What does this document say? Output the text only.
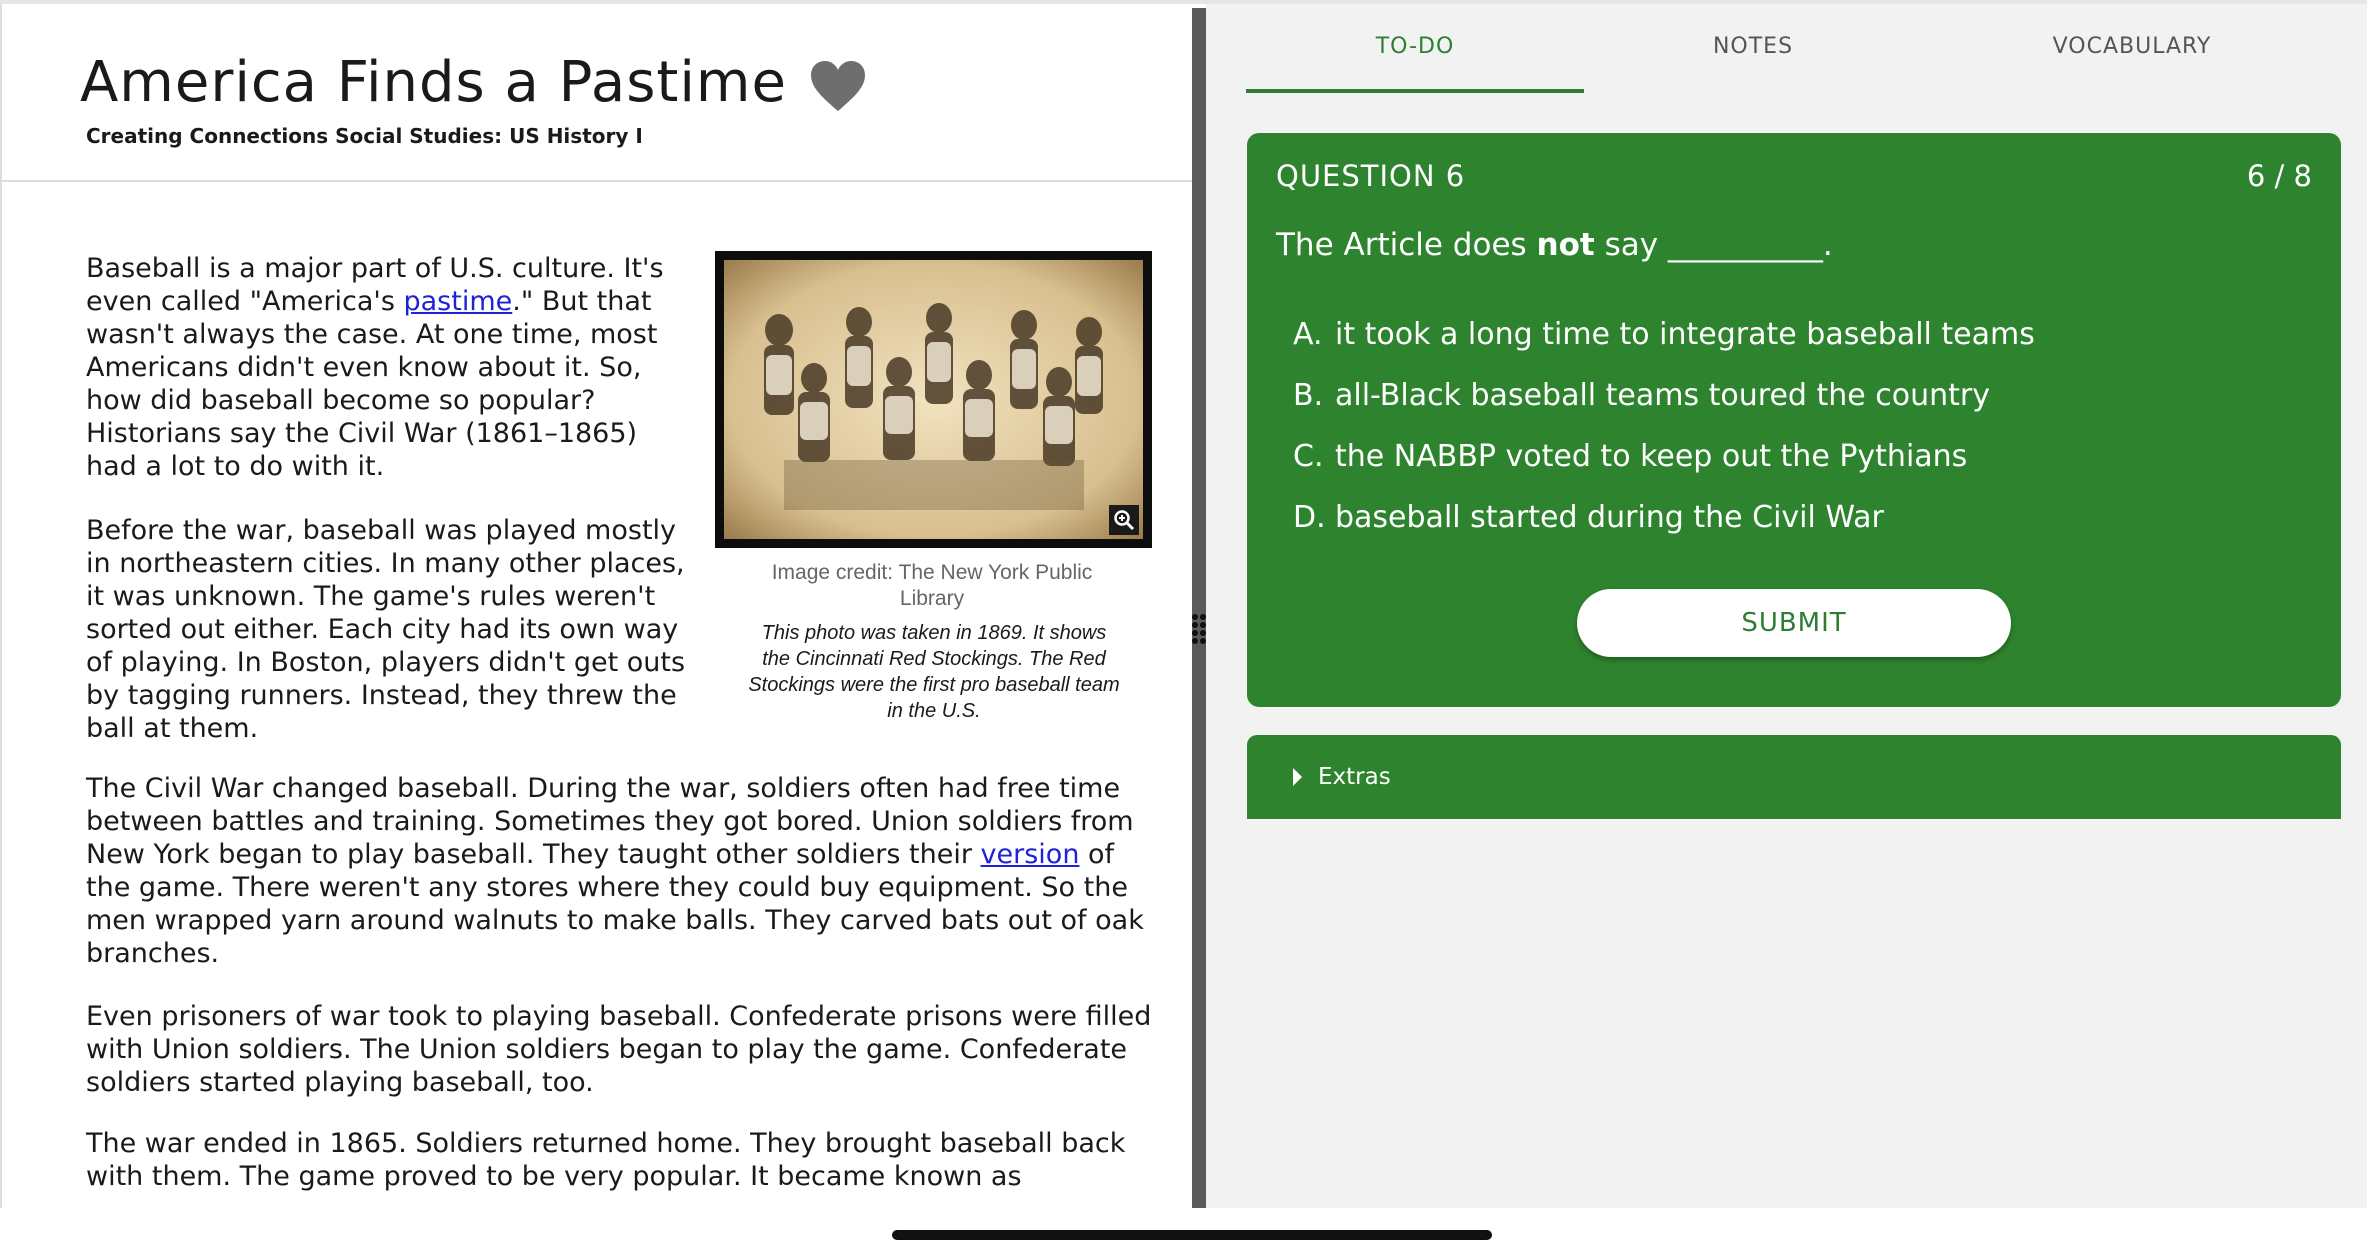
America Finds a Pastime
Creating Connections Social Studies: US History I

Baseball is a major part of U.S. culture. It's even called "America's pastime." But that wasn't always the case. At one time, most Americans didn't even know about it. So, how did baseball become so popular? Historians say the Civil War (1861–1865) had a lot to do with it.

Before the war, baseball was played mostly in northeastern cities. In many other places, it was unknown. The game's rules weren't sorted out either. Each city had its own way of playing. In Boston, players didn't get outs by tagging runners. Instead, they threw the ball at them.

Image credit: The New York Public Library
This photo was taken in 1869. It shows the Cincinnati Red Stockings. The Red Stockings were the first pro baseball team in the U.S.

The Civil War changed baseball. During the war, soldiers often had free time between battles and training. Sometimes they got bored. Union soldiers from New York began to play baseball. They taught other soldiers their version of the game. There weren't any stores where they could buy equipment. So the men wrapped yarn around walnuts to make balls. They carved bats out of oak branches.

Even prisoners of war took to playing baseball. Confederate prisons were filled with Union soldiers. The Union soldiers began to play the game. Confederate soldiers started playing baseball, too.

The war ended in 1865. Soldiers returned home. They brought baseball back with them. The game proved to be very popular. It became known as

TO-DO	NOTES	VOCABULARY
QUESTION 6	6 / 8
The Article does not say __________.
A. it took a long time to integrate baseball teams
B. all-Black baseball teams toured the country
C. the NABBP voted to keep out the Pythians
D. baseball started during the Civil War
SUBMIT
Extras
